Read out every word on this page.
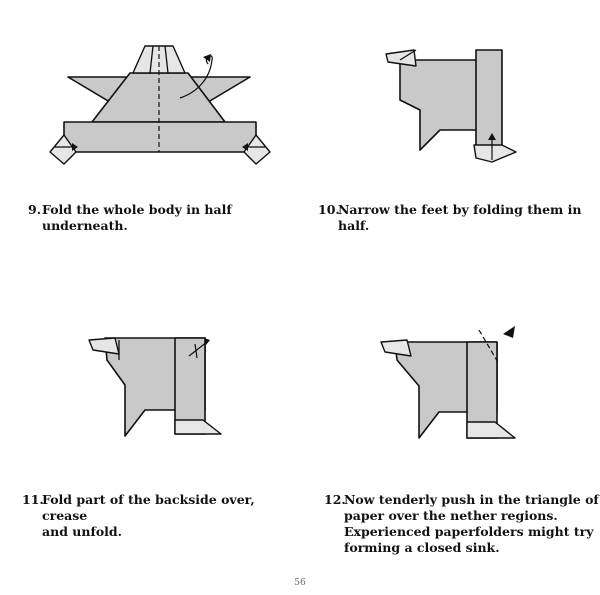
9. Fold the whole body in half
underneath.
10.
Narrow the feet by folding them in half.
11.
Fold part of the backside over, crease
and unfold.
12.
Now tenderly push in the triangle of
paper over the nether regions.
Experienced paperfolders might try
forming a closed sink.
56
